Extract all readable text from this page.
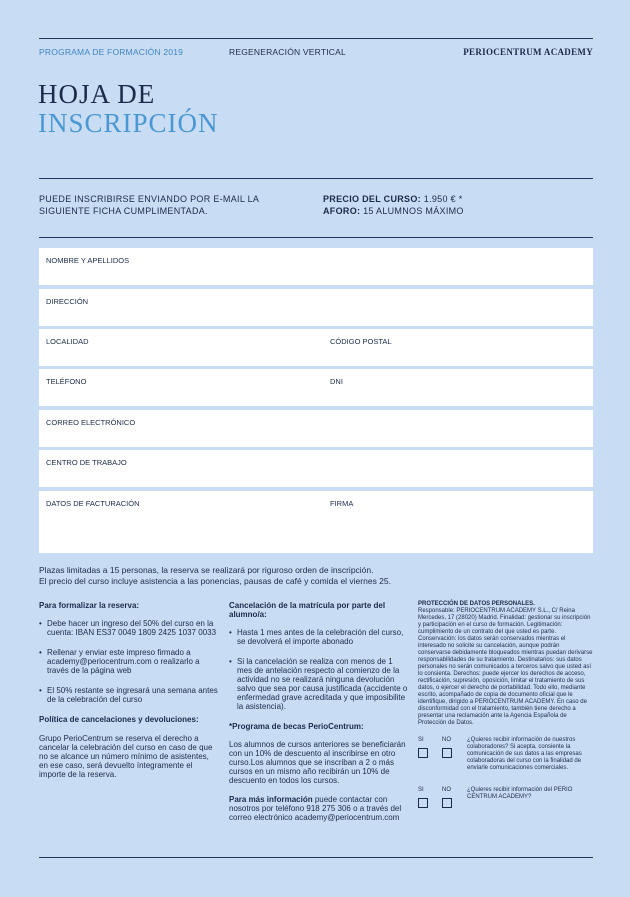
PROGRAMA DE FORMACIÓN 2019	REGENERACIÓN VERTICAL	PERIOCENTRUM ACADEMY
HOJA DE
INSCRIPCIÓN
PUEDE INSCRIBIRSE ENVIANDO POR E-MAIL LA SIGUIENTE FICHA CUMPLIMENTADA.
PRECIO DEL CURSO: 1.950 € *
AFORO: 15 ALUMNOS MÁXIMO
NOMBRE Y APELLIDOS
DIRECCIÓN
LOCALIDAD	CÓDIGO POSTAL
TELÉFONO	DNI
CORREO ELECTRÓNICO
CENTRO DE TRABAJO
DATOS DE FACTURACIÓN	FIRMA
Plazas limitadas a 15 personas, la reserva se realizará por riguroso orden de inscripción.
El precio del curso incluye asistencia a las ponencias, pausas de café y comida el viernes 25.
Para formalizar la reserva:
• Debe hacer un ingreso del 50% del curso en la cuenta: IBAN ES37 0049 1809 2425 1037 0033
• Rellenar y enviar este impreso firmado a academy@periocentrum.com o realizarlo a través de la página web
• El 50% restante se ingresará una semana antes de la celebración del curso
Política de cancelaciones y devoluciones:

Grupo PerioCentrum se reserva el derecho a cancelar la celebración del curso en caso de que no se alcance un número mínimo de asistentes, en ese caso, será devuelto íntegramente el importe de la reserva.

Cancelación de la matrícula por parte del alumno/a:
• Hasta 1 mes antes de la celebración del curso, se devolverá el importe abonado
• Si la cancelación se realiza con menos de 1 mes de antelación respecto al comienzo de la actividad no se realizará ninguna devolución salvo que sea por causa justificada (accidente o enfermedad grave acreditada y que imposibilite la asistencia).
*Programa de becas PerioCentrum:

Los alumnos de cursos anteriores se beneficiarán con un 10% de descuento al inscribirse en otro curso.Los alumnos que se inscriban a 2 o más cursos en un mismo año recibirán un 10% de descuento en todos los cursos.

Para más información puede contactar con nosotros por teléfono 918 275 306 o a través del correo electrónico academy@periocentrum.com

PROTECCIÓN DE DATOS PERSONALES.
Responsable: PERIOCENTRUM ACADEMY S.L., C/ Reina Mercedes, 17 (28020) Madrid. Finalidad: gestionar su inscripción y participación en el curso de formación. Legitimación: cumplimiento de un contrato del que usted es parte. Conservación: los datos serán conservados mientras el interesado no solicite su cancelación, aunque podrán conservarse debidamente bloqueados mientras puedan derivarse responsabilidades de su tratamiento. Destinatarios: sus datos personales no serán comunicados a terceros salvo que usted así lo consienta. Derechos: puede ejercer los derechos de acceso, rectificación, supresión, oposición, limitar el tratamiento de sus datos, o ejercer el derecho de portabilidad. Todo ello, mediante escrito, acompañado de copia de documento oficial que le identifique, dirigido a PERIOCENTRUM ACADEMY. En caso de disconformidad con el tratamiento, también tiene derecho a presentar una reclamación ante la Agencia Española de Protección de Datos.
SI	NO	¿Quieres recibir información de nuestros colaboradores? Si acepta, consiente la comunicación de sus datos a las empresas colaboradoras del curso con la finalidad de enviarle comunicaciones comerciales.
SI	NO	¿Quieres recibir información del PERIO CENTRUM ACADEMY?
